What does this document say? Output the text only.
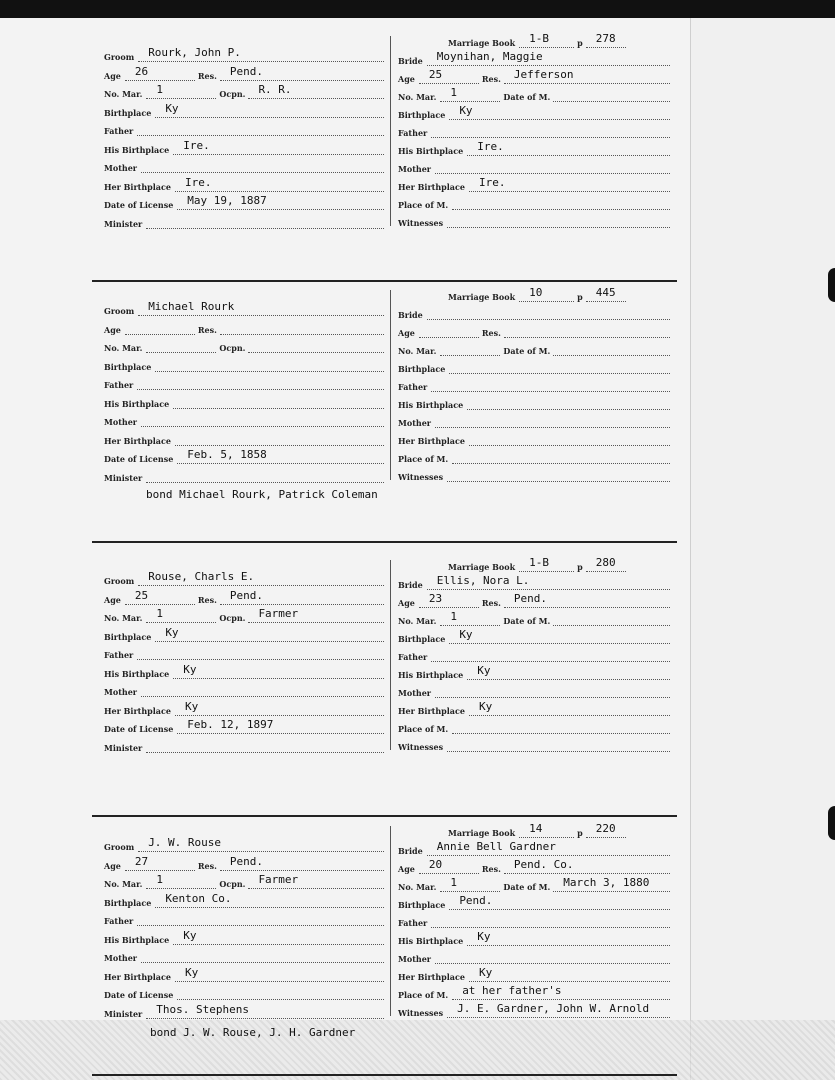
Groom Rourk, John P.
Age 26	Res. Pend.
No. Mar. 1	Ocpn. R. R.
Birthplace Ky
Father
His Birthplace Ire.
Mother
Her Birthplace Ire.
Date of License May 19, 1887
Minister
Marriage Book 1-B	p 278
Bride Moynihan, Maggie
Age 25	Res. Jefferson
No. Mar. 1	Date of M.
Birthplace Ky
Father
His Birthplace Ire.
Mother
Her Birthplace Ire.
Place of M.
Witnesses
Groom Michael Rourk
Age	Res.
No. Mar.	Ocpn.
Birthplace
Father
His Birthplace
Mother
Her Birthplace
Date of License Feb. 5, 1858
Minister
Marriage Book 10	p 445
Bride
Age	Res.
No. Mar.	Date of M.
Birthplace
Father
His Birthplace
Mother
Her Birthplace
Place of M.
Witnesses
bond Michael Rourk, Patrick Coleman
Groom Rouse, Charls E.
Age 25	Res. Pend.
No. Mar. 1	Ocpn. Farmer
Birthplace Ky
Father
His Birthplace Ky
Mother
Her Birthplace Ky
Date of License Feb. 12, 1897
Minister
Marriage Book 1-B	p 280
Bride Ellis, Nora L.
Age 23	Res. Pend.
No. Mar. 1	Date of M.
Birthplace Ky
Father
His Birthplace Ky
Mother
Her Birthplace Ky
Place of M.
Witnesses
Groom J. W. Rouse
Age 27	Res. Pend.
No. Mar. 1	Ocpn. Farmer
Birthplace Kenton Co.
Father
His Birthplace Ky
Mother
Her Birthplace Ky
Date of License
Minister Thos. Stephens
Marriage Book 14	p 220
Bride Annie Bell Gardner
Age 20	Res. Pend. Co.
No. Mar. 1	Date of M. March 3, 1880
Birthplace Pend.
Father
His Birthplace Ky
Mother
Her Birthplace Ky
Place of M. at her father's
Witnesses J. E. Gardner, John W. Arnold
bond J. W. Rouse, J. H. Gardner
